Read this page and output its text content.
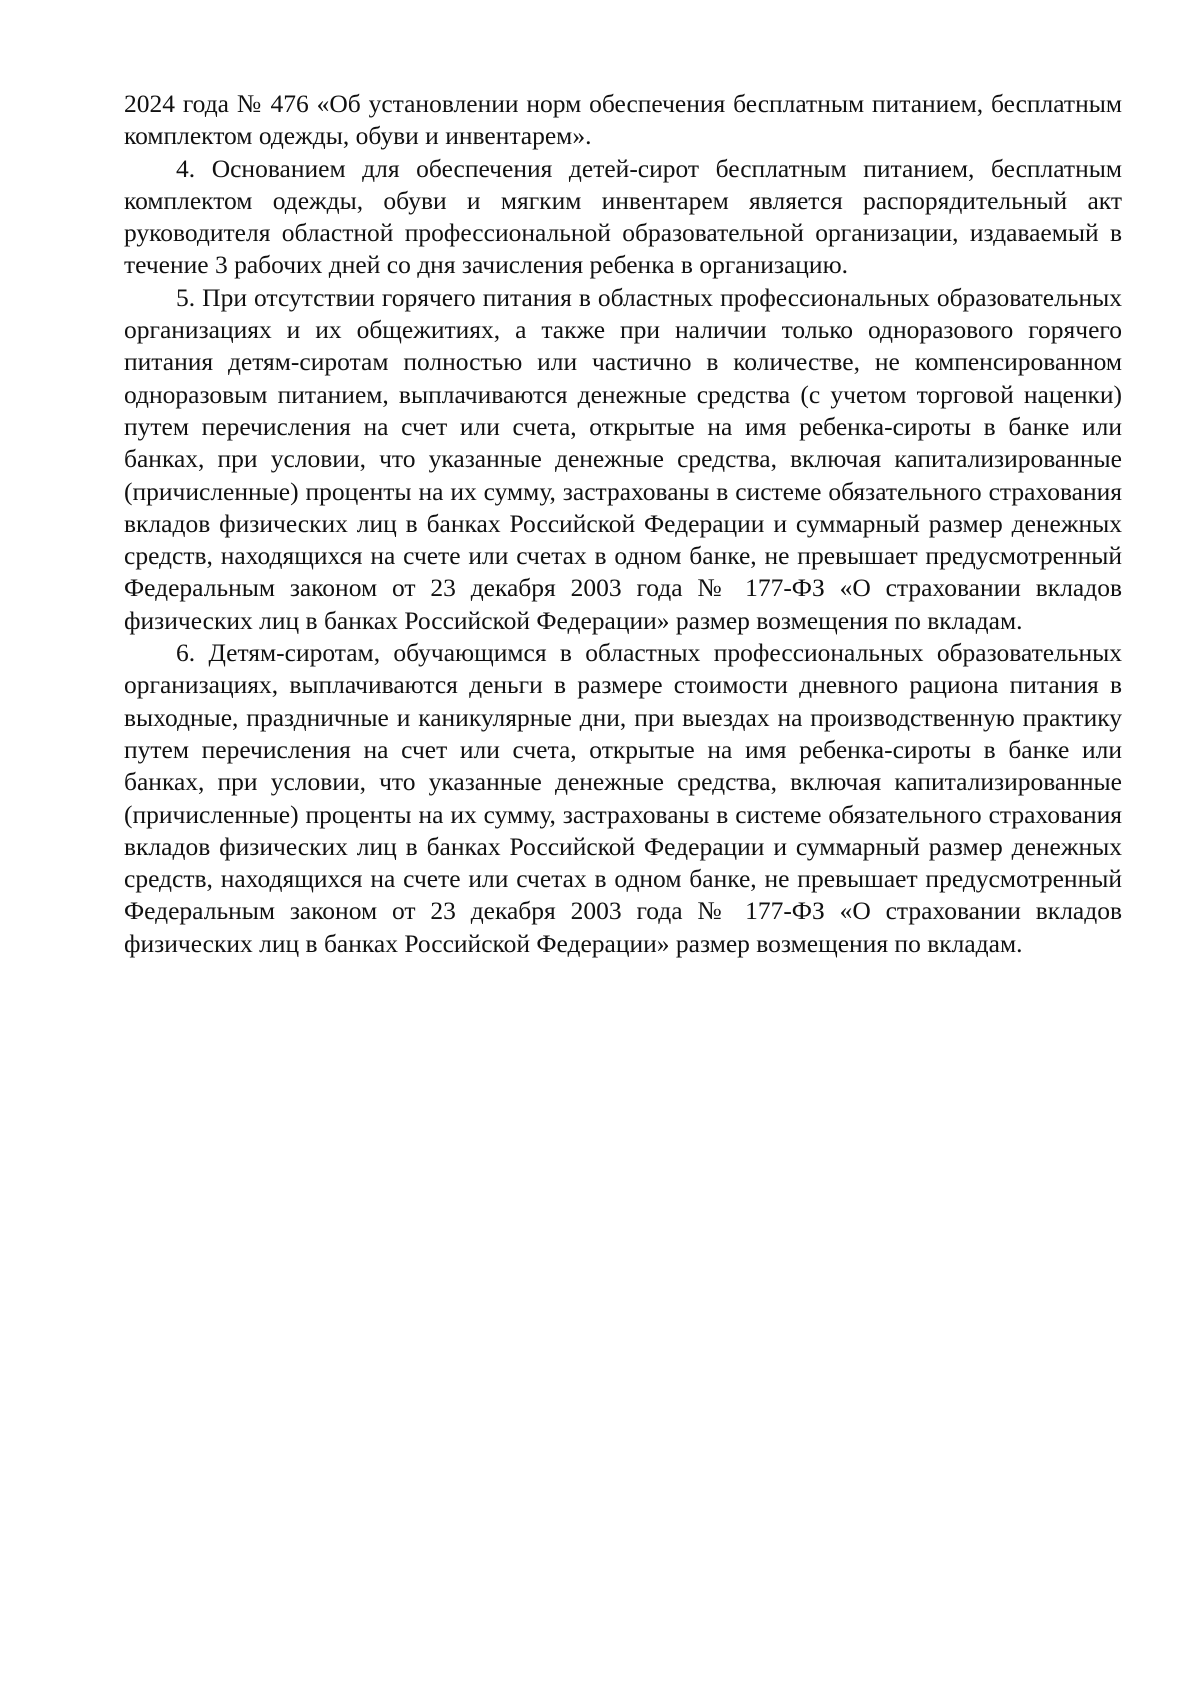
2024 года № 476 «Об установлении норм обеспечения бесплатным питанием, бесплатным комплектом одежды, обуви и инвентарем».

4. Основанием для обеспечения детей-сирот бесплатным питанием, бесплатным комплектом одежды, обуви и мягким инвентарем является распорядительный акт руководителя областной профессиональной образовательной организации, издаваемый в течение 3 рабочих дней со дня зачисления ребенка в организацию.

5. При отсутствии горячего питания в областных профессиональных образовательных организациях и их общежитиях, а также при наличии только одноразового горячего питания детям-сиротам полностью или частично в количестве, не компенсированном одноразовым питанием, выплачиваются денежные средства (с учетом торговой наценки) путем перечисления на счет или счета, открытые на имя ребенка-сироты в банке или банках, при условии, что указанные денежные средства, включая капитализированные (причисленные) проценты на их сумму, застрахованы в системе обязательного страхования вкладов физических лиц в банках Российской Федерации и суммарный размер денежных средств, находящихся на счете или счетах в одном банке, не превышает предусмотренный Федеральным законом от 23 декабря 2003 года № 177-ФЗ «О страховании вкладов физических лиц в банках Российской Федерации» размер возмещения по вкладам.

6. Детям-сиротам, обучающимся в областных профессиональных образовательных организациях, выплачиваются деньги в размере стоимости дневного рациона питания в выходные, праздничные и каникулярные дни, при выездах на производственную практику путем перечисления на счет или счета, открытые на имя ребенка-сироты в банке или банках, при условии, что указанные денежные средства, включая капитализированные (причисленные) проценты на их сумму, застрахованы в системе обязательного страхования вкладов физических лиц в банках Российской Федерации и суммарный размер денежных средств, находящихся на счете или счетах в одном банке, не превышает предусмотренный Федеральным законом от 23 декабря 2003 года № 177-ФЗ «О страховании вкладов физических лиц в банках Российской Федерации» размер возмещения по вкладам.
